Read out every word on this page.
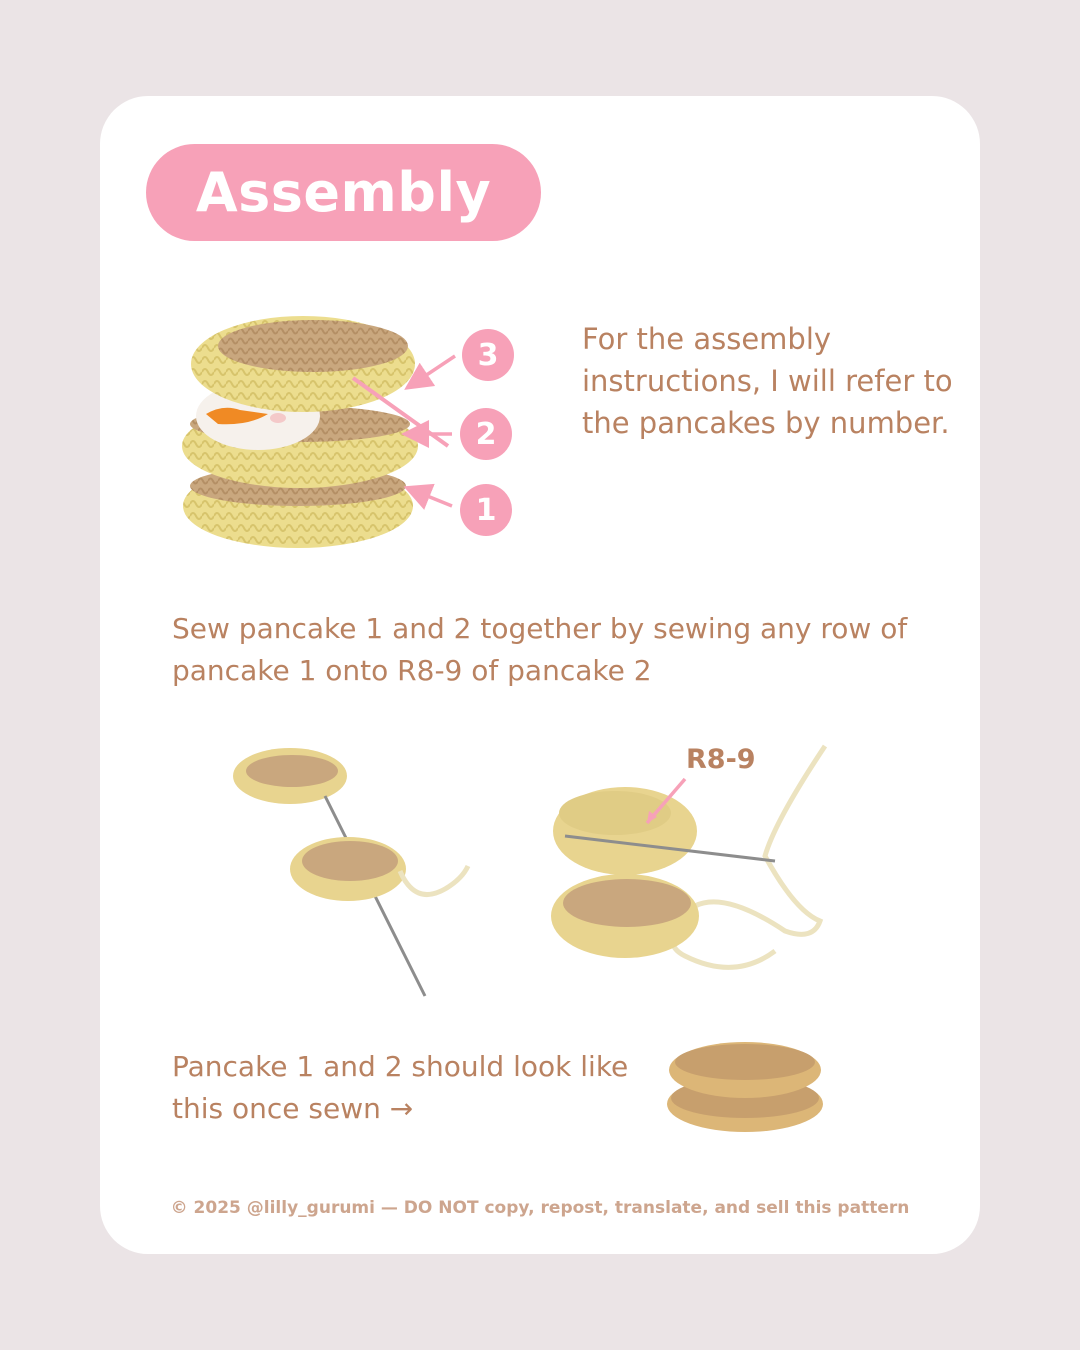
Assembly
3
2
1
For the assembly instructions, I will refer to the pancakes by number.
Sew pancake 1 and 2 together by sewing any row of pancake 1 onto R8-9 of pancake 2
R8-9
Pancake 1 and 2 should look like this once sewn →
© 2025 @lilly_gurumi — DO NOT copy, repost, translate, and sell this pattern
